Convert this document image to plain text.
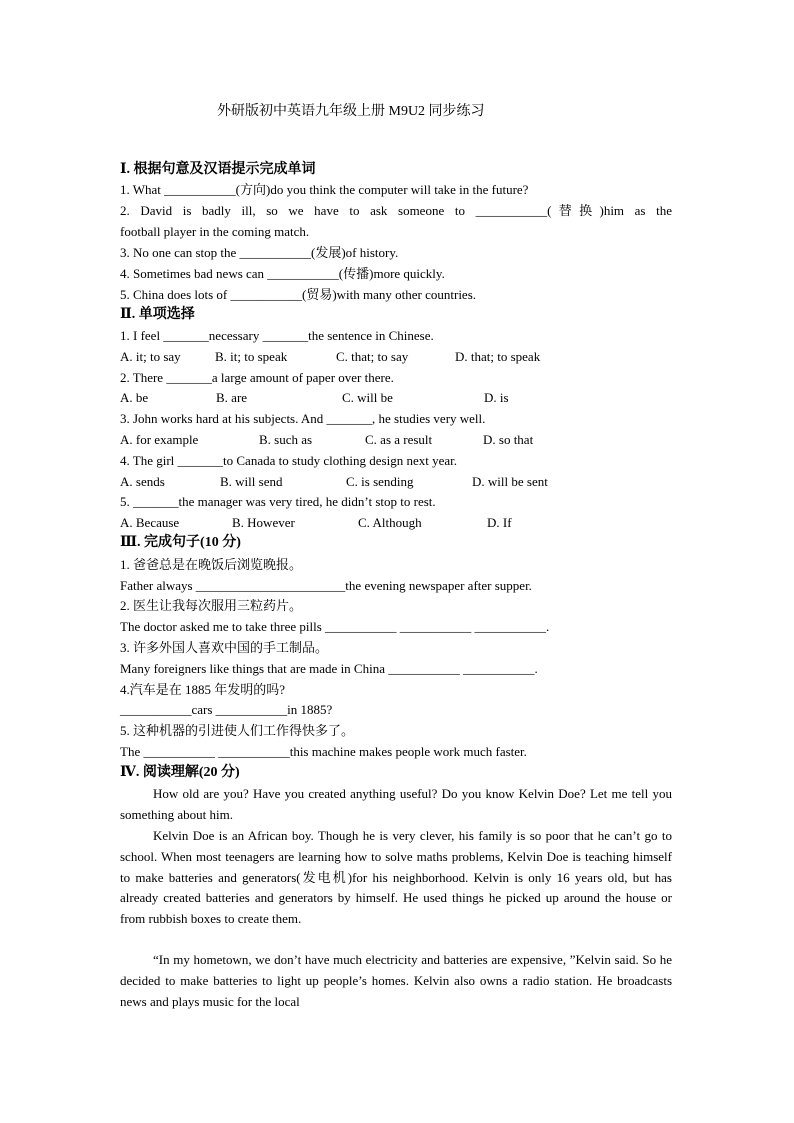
外研版初中英语九年级上册 M9U2 同步练习
Ⅰ. 根据句意及汉语提示完成单词
1. What ___________(方向)do you think the computer will take in the future?
2. David is badly ill, so we have to ask someone to ___________(替换)him as the
football player in the coming match.
3. No one can stop the ___________(发展)of history.
4. Sometimes bad news can ___________(传播)more quickly.
5. China does lots of ___________(贸易)with many other countries.
Ⅱ. 单项选择
1. I feel _______necessary _______the sentence in Chinese.
A. it; to say	B. it; to speak	C. that; to say	D. that; to speak
2. There _______a large amount of paper over there.
A. be	B. are	C. will be	D. is
3. John works hard at his subjects. And _______, he studies very well.
A. for example	B. such as	C. as a result	D. so that
4. The girl _______to Canada to study clothing design next year.
A. sends	B. will send	C. is sending	D. will be sent
5. _______the manager was very tired, he didn’t stop to rest.
A. Because	B. However	C. Although	D. If
Ⅲ. 完成句子(10 分)
1. 爸爸总是在晚饭后浏览晚报。
Father always _______________________the evening newspaper after supper.
2. 医生让我每次服用三粒药片。
The doctor asked me to take three pills ___________ ___________ ___________.
3. 许多外国人喜欢中国的手工制品。
Many foreigners like things that are made in China ___________ ___________.
4.汽车是在 1885 年发明的吗?
___________cars ___________in 1885?
5. 这种机器的引进使人们工作得快多了。
The ___________ ___________this machine makes people work much faster.
Ⅳ. 阅读理解(20 分)
How old are you? Have you created anything useful? Do you know Kelvin Doe? Let me tell you something about him.
Kelvin Doe is an African boy. Though he is very clever, his family is so poor that he can’t go to school. When most teenagers are learning how to solve maths problems, Kelvin Doe is teaching himself to make batteries and generators(发电机)for his neighborhood. Kelvin is only 16 years old, but has already created batteries and generators by himself. He used things he picked up around the house or from rubbish boxes to create them.
“In my hometown, we don’t have much electricity and batteries are expensive, ”Kelvin said. So he decided to make batteries to light up people’s homes. Kelvin also owns a radio station. He broadcasts news and plays music for the local
